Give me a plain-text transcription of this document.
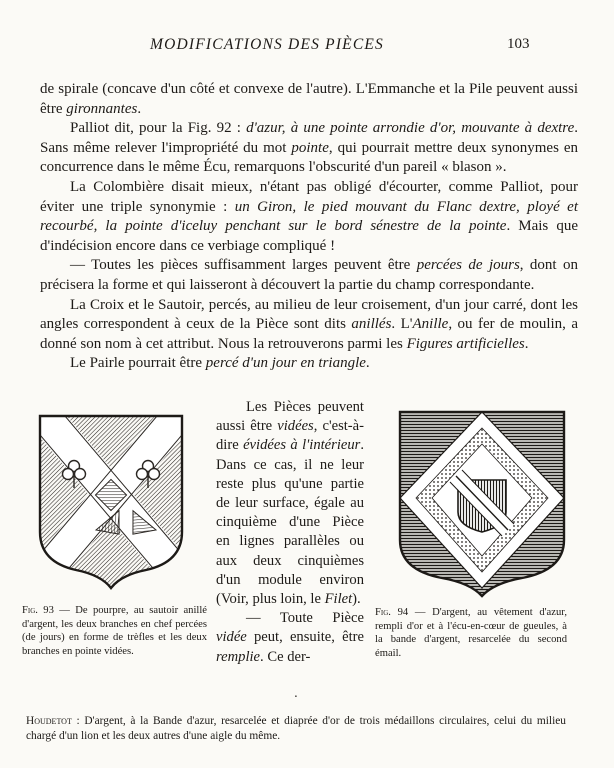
MODIFICATIONS DES PIÈCES	103

de spirale (concave d'un côté et convexe de l'autre). L'Emmanche et la Pile peuvent aussi être gironnantes.

Palliot dit, pour la Fig. 92 : d'azur, à une pointe arrondie d'or, mouvante à dextre. Sans même relever l'impropriété du mot pointe, qui pourrait mettre deux synonymes en concurrence dans le même Écu, remarquons l'obscurité d'un pareil « blason ».

La Colombière disait mieux, n'étant pas obligé d'écourter, comme Palliot, pour éviter une triple synonymie : un Giron, le pied mouvant du Flanc dextre, ployé et recourbé, la pointe d'iceluy penchant sur le bord sénestre de la pointe. Mais que d'indécision encore dans ce verbiage compliqué !

— Toutes les pièces suffisamment larges peuvent être percées de jours, dont on précisera la forme et qui laisseront à découvert la partie du champ correspondante.

La Croix et le Sautoir, percés, au milieu de leur croisement, d'un jour carré, dont les angles correspondent à ceux de la Pièce sont dits anillés. L'Anille, ou fer de moulin, a donné son nom à cet attribut. Nous la retrouverons parmi les Figures artificielles.

Le Pairle pourrait être percé d'un jour en triangle.

Les Pièces peuvent aussi être vidées, c'est-à-dire évidées à l'intérieur. Dans ce cas, il ne leur reste plus qu'une partie de leur surface, égale au cinquième d'une Pièce en lignes parallèles ou aux deux cinquièmes d'un module environ (Voir, plus loin, le Filet).

— Toute Pièce vidée peut, ensuite, être remplie. Ce der-

Fig. 93 — De pourpre, au sautoir anillé d'argent, les deux branches en chef percées (de jours) en forme de trèfles et les deux branches en pointe vidées.
Fig. 94 — D'argent, au vêtement d'azur, rempli d'or et à l'écu-en-cœur de gueules, à la bande d'argent, resarcelée du second émail.
.
Houdetot : D'argent, à la Bande d'azur, resarcelée et diaprée d'or de trois médaillons circulaires, celui du milieu chargé d'un lion et les deux autres d'une aigle du même.
